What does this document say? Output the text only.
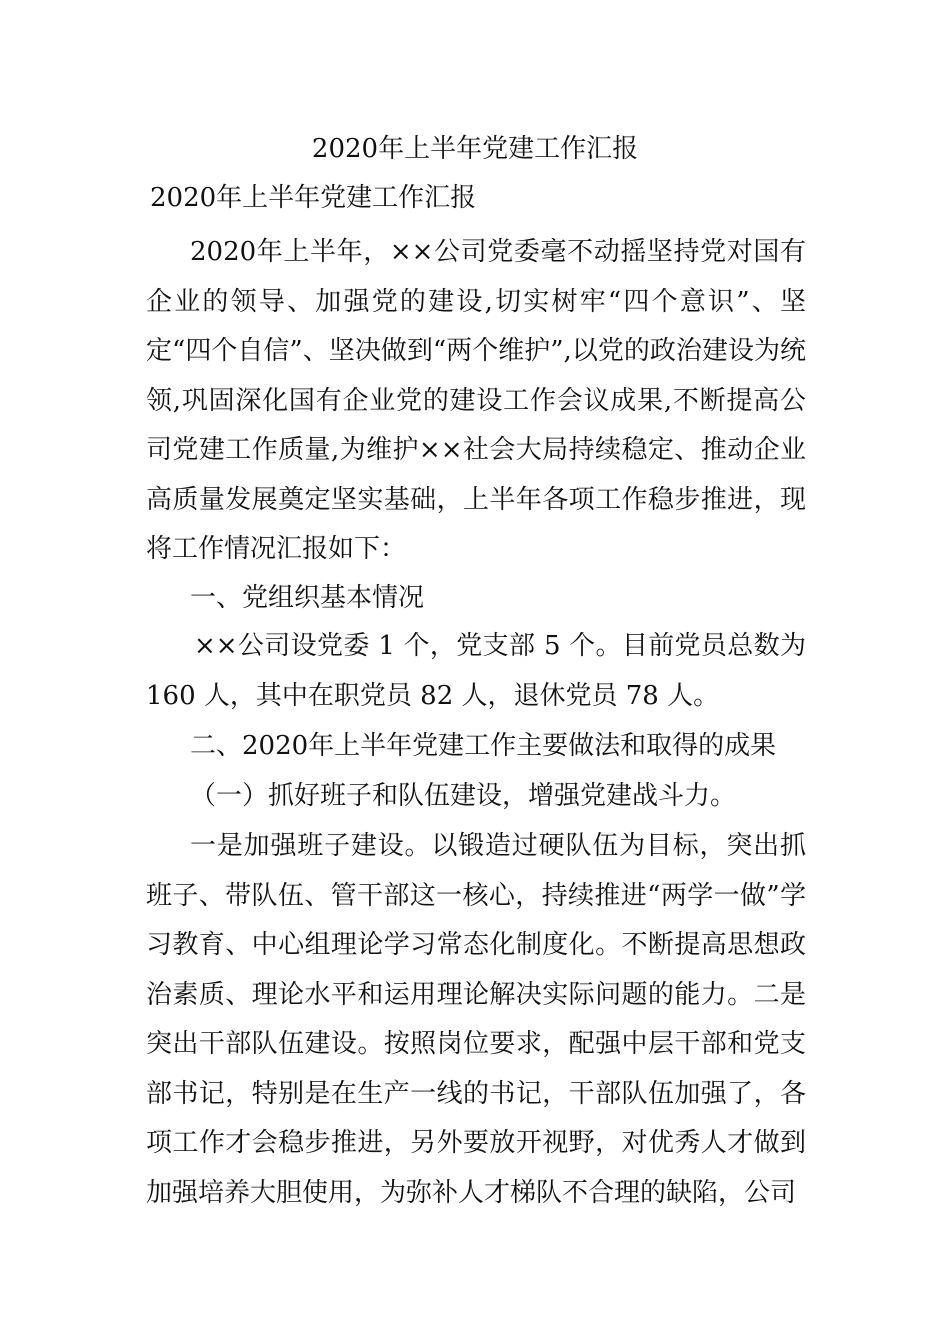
2020年上半年党建工作汇报
2020年上半年党建工作汇报

2020年上半年，××公司党委毫不动摇坚持党对国有企业的领导、加强党的建设,切实树牢“四个意识”、坚定“四个自信”、坚决做到“两个维护”,以党的政治建设为统领,巩固深化国有企业党的建设工作会议成果,不断提高公司党建工作质量,为维护××社会大局持续稳定、推动企业高质量发展奠定坚实基础，上半年各项工作稳步推进，现将工作情况汇报如下：

一、党组织基本情况

××公司设党委 1 个，党支部 5 个。目前党员总数为 160 人，其中在职党员 82 人，退休党员 78 人。

二、2020年上半年党建工作主要做法和取得的成果
（一）抓好班子和队伍建设，增强党建战斗力。

一是加强班子建设。以锻造过硬队伍为目标，突出抓班子、带队伍、管干部这一核心，持续推进“两学一做”学习教育、中心组理论学习常态化制度化。不断提高思想政治素质、理论水平和运用理论解决实际问题的能力。二是突出干部队伍建设。按照岗位要求，配强中层干部和党支部书记，特别是在生产一线的书记，干部队伍加强了，各项工作才会稳步推进，另外要放开视野，对优秀人才做到加强培养大胆使用，为弥补人才梯队不合理的缺陷，公司
